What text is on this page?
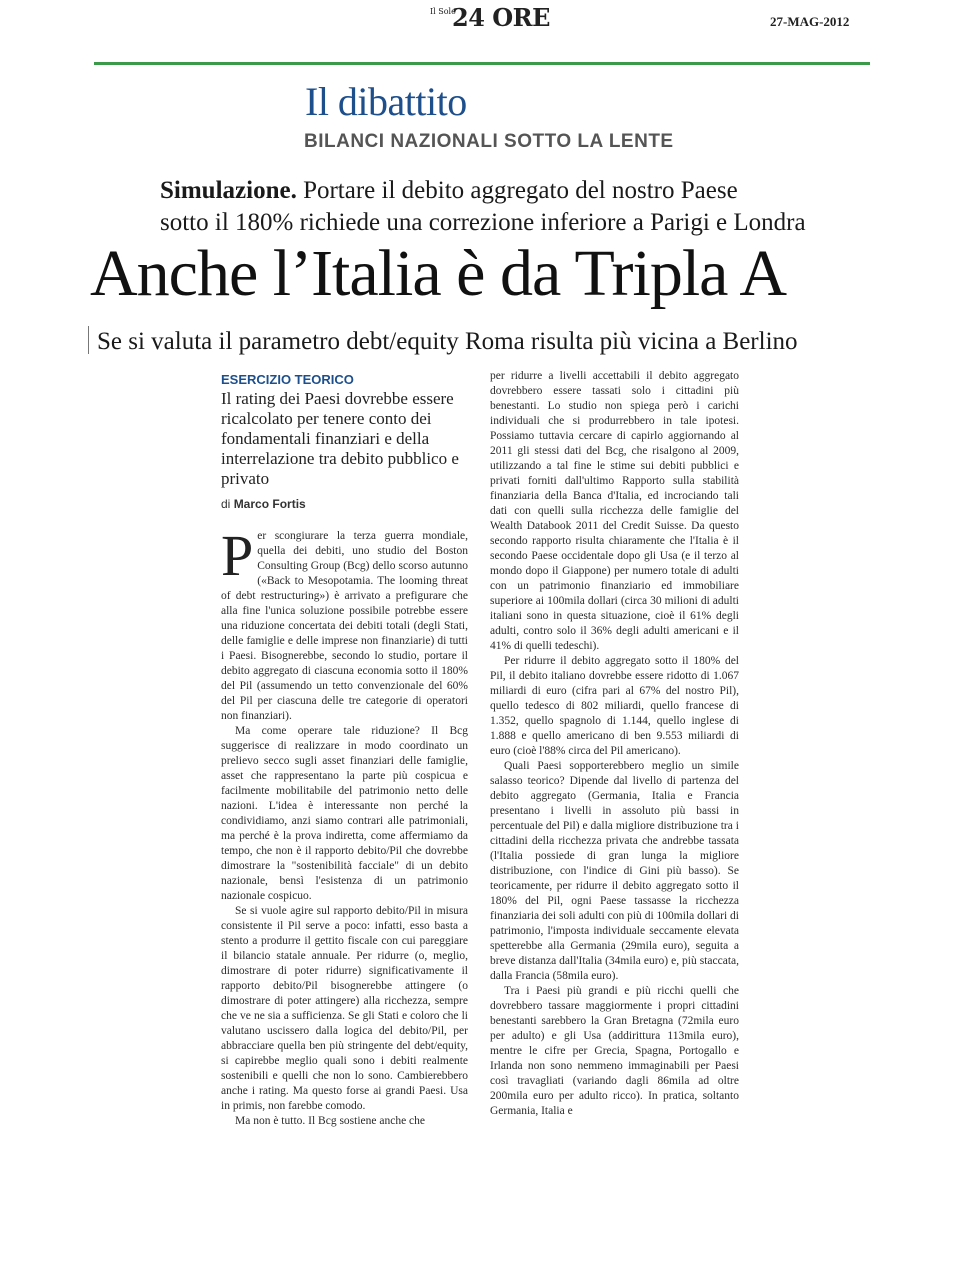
Il Sole
24 ORE	27-MAG-2012
Il dibattito
BILANCI NAZIONALI SOTTO LA LENTE
Simulazione. Portare il debito aggregato del nostro Paese
sotto il 180% richiede una correzione inferiore a Parigi e Londra
Anche l’Italia è da Tripla A
Se si valuta il parametro debt/equity Roma risulta più vicina a Berlino
ESERCIZIO TEORICO
Il rating dei Paesi dovrebbe essere ricalcolato per tenere conto dei fondamentali finanziari e della interrelazione tra debito pubblico e privato
di Marco Fortis

Per scongiurare la terza guerra mondiale, quella dei debiti, uno studio del Boston Consulting Group (Bcg) dello scorso autunno («Back to Mesopotamia. The looming threat of debt restructuring») è arrivato a prefigurare che alla fine l'unica soluzione possibile potrebbe essere una riduzione concertata dei debiti totali (degli Stati, delle famiglie e delle imprese non finanziarie) di tutti i Paesi. Bisognerebbe, secondo lo studio, portare il debito aggregato di ciascuna economia sotto il 180% del Pil (assumendo un tetto convenzionale del 60% del Pil per ciascuna delle tre categorie di operatori non finanziari).

Ma come operare tale riduzione? Il Bcg suggerisce di realizzare in modo coordinato un prelievo secco sugli asset finanziari delle famiglie, asset che rappresentano la parte più cospicua e facilmente mobilitabile del patrimonio netto delle nazioni. L'idea è interessante non perché la condividiamo, anzi siamo contrari alle patrimoniali, ma perché è la prova indiretta, come affermiamo da tempo, che non è il rapporto debito/Pil che dovrebbe dimostrare la "sostenibilità facciale" di un debito nazionale, bensì l'esistenza di un patrimonio nazionale cospicuo.

Se si vuole agire sul rapporto debito/Pil in misura consistente il Pil serve a poco: infatti, esso basta a stento a produrre il gettito fiscale con cui pareggiare il bilancio statale annuale. Per ridurre (o, meglio, dimostrare di poter ridurre) significativamente il rapporto debito/Pil bisognerebbe attingere (o dimostrare di poter attingere) alla ricchezza, sempre che ve ne sia a sufficienza. Se gli Stati e coloro che li valutano uscissero dalla logica del debito/Pil, per abbracciare quella ben più stringente del debt/equity, si capirebbe meglio quali sono i debiti realmente sostenibili e quelli che non lo sono. Cambierebbero anche i rating. Ma questo forse ai grandi Paesi. Usa in primis, non farebbe comodo.

Ma non è tutto. Il Bcg sostiene anche che

per ridurre a livelli accettabili il debito aggregato dovrebbero essere tassati solo i cittadini più benestanti. Lo studio non spiega però i carichi individuali che si produrrebbero in tale ipotesi. Possiamo tuttavia cercare di capirlo aggiornando al 2011 gli stessi dati del Bcg, che risalgono al 2009, utilizzando a tal fine le stime sui debiti pubblici e privati forniti dall'ultimo Rapporto sulla stabilità finanziaria della Banca d'Italia, ed incrociando tali dati con quelli sulla ricchezza delle famiglie del Wealth Databook 2011 del Credit Suisse. Da questo secondo rapporto risulta chiaramente che l'Italia è il secondo Paese occidentale dopo gli Usa (e il terzo al mondo dopo il Giappone) per numero totale di adulti con un patrimonio finanziario ed immobiliare superiore ai 100mila dollari (circa 30 milioni di adulti italiani sono in questa situazione, cioè il 61% degli adulti, contro solo il 36% degli adulti americani e il 41% di quelli tedeschi).

Per ridurre il debito aggregato sotto il 180% del Pil, il debito italiano dovrebbe essere ridotto di 1.067 miliardi di euro (cifra pari al 67% del nostro Pil), quello tedesco di 802 miliardi, quello francese di 1.352, quello spagnolo di 1.144, quello inglese di 1.888 e quello americano di ben 9.553 miliardi di euro (cioè l'88% circa del Pil americano).

Quali Paesi sopporterebbero meglio un simile salasso teorico? Dipende dal livello di partenza del debito aggregato (Germania, Italia e Francia presentano i livelli in assoluto più bassi in percentuale del Pil) e dalla migliore distribuzione tra i cittadini della ricchezza privata che andrebbe tassata (l'Italia possiede di gran lunga la migliore distribuzione, con l'indice di Gini più basso). Se teoricamente, per ridurre il debito aggregato sotto il 180% del Pil, ogni Paese tassasse la ricchezza finanziaria dei soli adulti con più di 100mila dollari di patrimonio, l'imposta individuale seccamente elevata spetterebbe alla Germania (29mila euro), seguita a breve distanza dall'Italia (34mila euro) e, più staccata, dalla Francia (58mila euro).

Tra i Paesi più grandi e più ricchi quelli che dovrebbero tassare maggiormente i propri cittadini benestanti sarebbero la Gran Bretagna (72mila euro per adulto) e gli Usa (addirittura 113mila euro), mentre le cifre per Grecia, Spagna, Portogallo e Irlanda non sono nemmeno immaginabili per Paesi così travagliati (variando dagli 86mila ad oltre 200mila euro per adulto ricco). In pratica, soltanto Germania, Italia e
